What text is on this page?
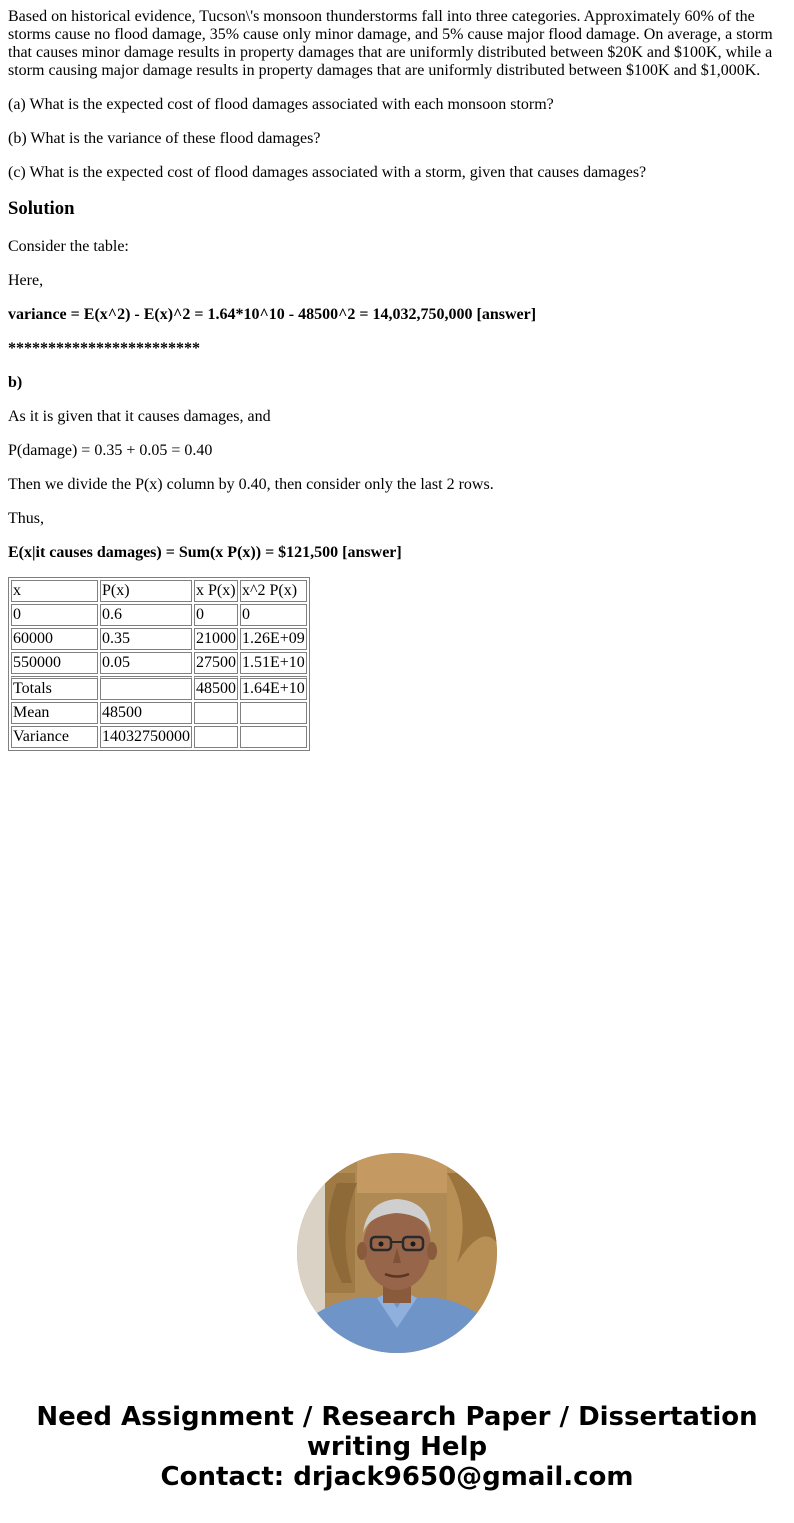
Based on historical evidence, Tucson\'s monsoon thunderstorms fall into three categories. Approximately 60% of the storms cause no flood damage, 35% cause only minor damage, and 5% cause major flood damage. On average, a storm that causes minor damage results in property damages that are uniformly distributed between $20K and $100K, while a storm causing major damage results in property damages that are uniformly distributed between $100K and $1,000K.

(a) What is the expected cost of flood damages associated with each monsoon storm?

(b) What is the variance of these flood damages?

(c) What is the expected cost of flood damages associated with a storm, given that causes damages?

Solution

Consider the table:

Here,

variance = E(x^2) - E(x)^2 = 1.64*10^10 - 48500^2 = 14,032,750,000 [answer]

************************

b)

As it is given that it causes damages, and

P(damage) = 0.35 + 0.05 = 0.40

Then we divide the P(x) column by 0.40, then consider only the last 2 rows.

Thus,

E(x|it causes damages) = Sum(x P(x)) = $121,500 [answer]

x	P(x)	x P(x)	x^2 P(x)
0	0.6	0	0
60000	0.35	21000	1.26E+09
550000	0.05	27500	1.51E+10
Totals		48500	1.64E+10
Mean	48500		
Variance	14032750000		
Need Assignment / Research Paper / Dissertation
writing Help
Contact: drjack9650@gmail.com
